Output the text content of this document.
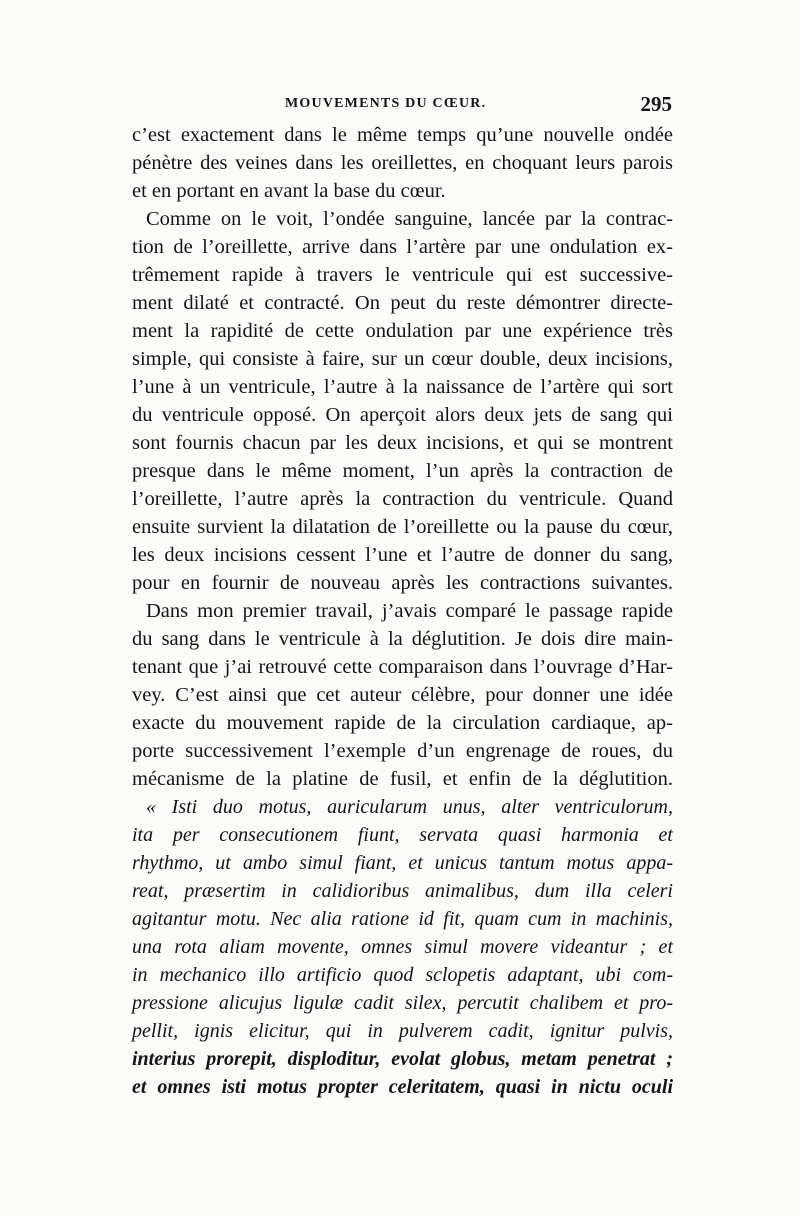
MOUVEMENTS DU CŒUR.	295
c’est exactement dans le même temps qu’une nouvelle ondée
pénètre des veines dans les oreillettes, en choquant leurs parois
et en portant en avant la base du cœur.
Comme on le voit, l’ondée sanguine, lancée par la contrac-
tion de l’oreillette, arrive dans l’artère par une ondulation ex-
trêmement rapide à travers le ventricule qui est successive-
ment dilaté et contracté. On peut du reste démontrer directe-
ment la rapidité de cette ondulation par une expérience très
simple, qui consiste à faire, sur un cœur double, deux incisions,
l’une à un ventricule, l’autre à la naissance de l’artère qui sort
du ventricule opposé. On aperçoit alors deux jets de sang qui
sont fournis chacun par les deux incisions, et qui se montrent
presque dans le même moment, l’un après la contraction de
l’oreillette, l’autre après la contraction du ventricule. Quand
ensuite survient la dilatation de l’oreillette ou la pause du cœur,
les deux incisions cessent l’une et l’autre de donner du sang,
pour en fournir de nouveau après les contractions suivantes.
Dans mon premier travail, j’avais comparé le passage rapide
du sang dans le ventricule à la déglutition. Je dois dire main-
tenant que j’ai retrouvé cette comparaison dans l’ouvrage d’Har-
vey. C’est ainsi que cet auteur célèbre, pour donner une idée
exacte du mouvement rapide de la circulation cardiaque, ap-
porte successivement l’exemple d’un engrenage de roues, du
mécanisme de la platine de fusil, et enfin de la déglutition.
« Isti duo motus, auricularum unus, alter ventriculorum,
ita per consecutionem fiunt, servata quasi harmonia et
rhythmo, ut ambo simul fiant, et unicus tantum motus appa-
reat, præsertim in calidioribus animalibus, dum illa celeri
agitantur motu. Nec alia ratione id fit, quam cum in machinis,
una rota aliam movente, omnes simul movere videantur ; et
in mechanico illo artificio quod sclopetis adaptant, ubi com-
pressione alicujus ligulæ cadit silex, percutit chalibem et pro-
pellit, ignis elicitur, qui in pulverem cadit, ignitur pulvis,
interius prorepit, disploditur, evolat globus, metam penetrat ;
et omnes isti motus propter celeritatem, quasi in nictu oculi
